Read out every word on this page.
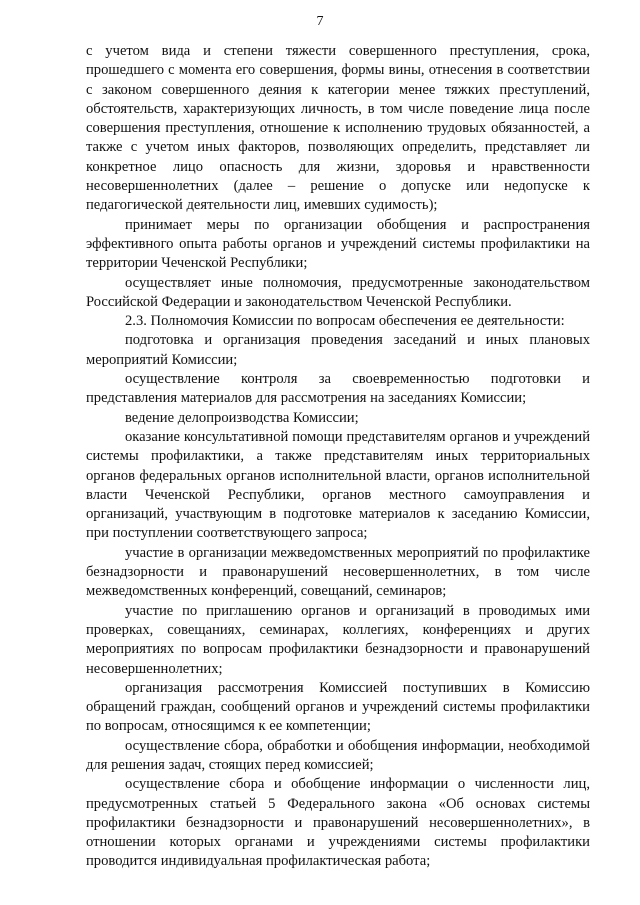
7

с учетом вида и степени тяжести совершенного преступления, срока, прошедшего с момента его совершения, формы вины, отнесения в соответствии с законом совершенного деяния к категории менее тяжких преступлений, обстоятельств, характеризующих личность, в том числе поведение лица после совершения преступления, отношение к исполнению трудовых обязанностей, а также с учетом иных факторов, позволяющих определить, представляет ли конкретное лицо опасность для жизни, здоровья и нравственности несовершеннолетних (далее – решение о допуске или недопуске к педагогической деятельности лиц, имевших судимость);

принимает меры по организации обобщения и распространения эффективного опыта работы органов и учреждений системы профилактики на территории Чеченской Республики;

осуществляет иные полномочия, предусмотренные законодательством Российской Федерации и законодательством Чеченской Республики.

2.3. Полномочия Комиссии по вопросам обеспечения ее деятельности:

подготовка и организация проведения заседаний и иных плановых мероприятий Комиссии;

осуществление контроля за своевременностью подготовки и представления материалов для рассмотрения на заседаниях Комиссии;

ведение делопроизводства Комиссии;

оказание консультативной помощи представителям органов и учреждений системы профилактики, а также представителям иных территориальных органов федеральных органов исполнительной власти, органов исполнительной власти Чеченской Республики, органов местного самоуправления и организаций, участвующим в подготовке материалов к заседанию Комиссии, при поступлении соответствующего запроса;

участие в организации межведомственных мероприятий по профилактике безнадзорности и правонарушений несовершеннолетних, в том числе межведомственных конференций, совещаний, семинаров;

участие по приглашению органов и организаций в проводимых ими проверках, совещаниях, семинарах, коллегиях, конференциях и других мероприятиях по вопросам профилактики безнадзорности и правонарушений несовершеннолетних;

организация рассмотрения Комиссией поступивших в Комиссию обращений граждан, сообщений органов и учреждений системы профилактики по вопросам, относящимся к ее компетенции;

осуществление сбора, обработки и обобщения информации, необходимой для решения задач, стоящих перед комиссией;

осуществление сбора и обобщение информации о численности лиц, предусмотренных статьей 5 Федерального закона «Об основах системы профилактики безнадзорности и правонарушений несовершеннолетних», в отношении которых органами и учреждениями системы профилактики проводится индивидуальная профилактическая работа;
